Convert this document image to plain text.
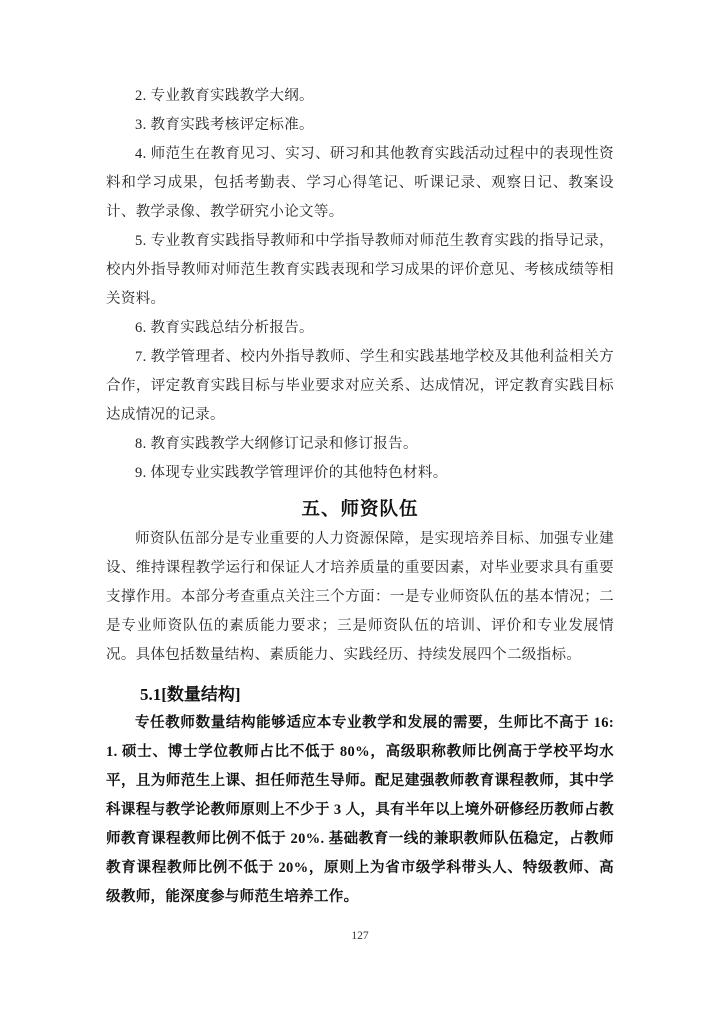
2. 专业教育实践教学大纲。

3. 教育实践考核评定标准。

4. 师范生在教育见习、实习、研习和其他教育实践活动过程中的表现性资料和学习成果，包括考勤表、学习心得笔记、听课记录、观察日记、教案设计、教学录像、教学研究小论文等。

5. 专业教育实践指导教师和中学指导教师对师范生教育实践的指导记录，校内外指导教师对师范生教育实践表现和学习成果的评价意见、考核成绩等相关资料。

6. 教育实践总结分析报告。

7. 教学管理者、校内外指导教师、学生和实践基地学校及其他利益相关方合作，评定教育实践目标与毕业要求对应关系、达成情况，评定教育实践目标达成情况的记录。

8. 教育实践教学大纲修订记录和修订报告。

9. 体现专业实践教学管理评价的其他特色材料。

五、师资队伍

师资队伍部分是专业重要的人力资源保障，是实现培养目标、加强专业建设、维持课程教学运行和保证人才培养质量的重要因素，对毕业要求具有重要支撑作用。本部分考查重点关注三个方面：一是专业师资队伍的基本情况；二是专业师资队伍的素质能力要求；三是师资队伍的培训、评价和专业发展情况。具体包括数量结构、素质能力、实践经历、持续发展四个二级指标。

5.1[数量结构]

专任教师数量结构能够适应本专业教学和发展的需要，生师比不高于 16:1. 硕士、博士学位教师占比不低于 80%，高级职称教师比例高于学校平均水平，且为师范生上课、担任师范生导师。配足建强教师教育课程教师，其中学科课程与教学论教师原则上不少于 3 人，具有半年以上境外研修经历教师占教师教育课程教师比例不低于 20%. 基础教育一线的兼职教师队伍稳定，占教师教育课程教师比例不低于 20%，原则上为省市级学科带头人、特级教师、高级教师，能深度参与师范生培养工作。

127
